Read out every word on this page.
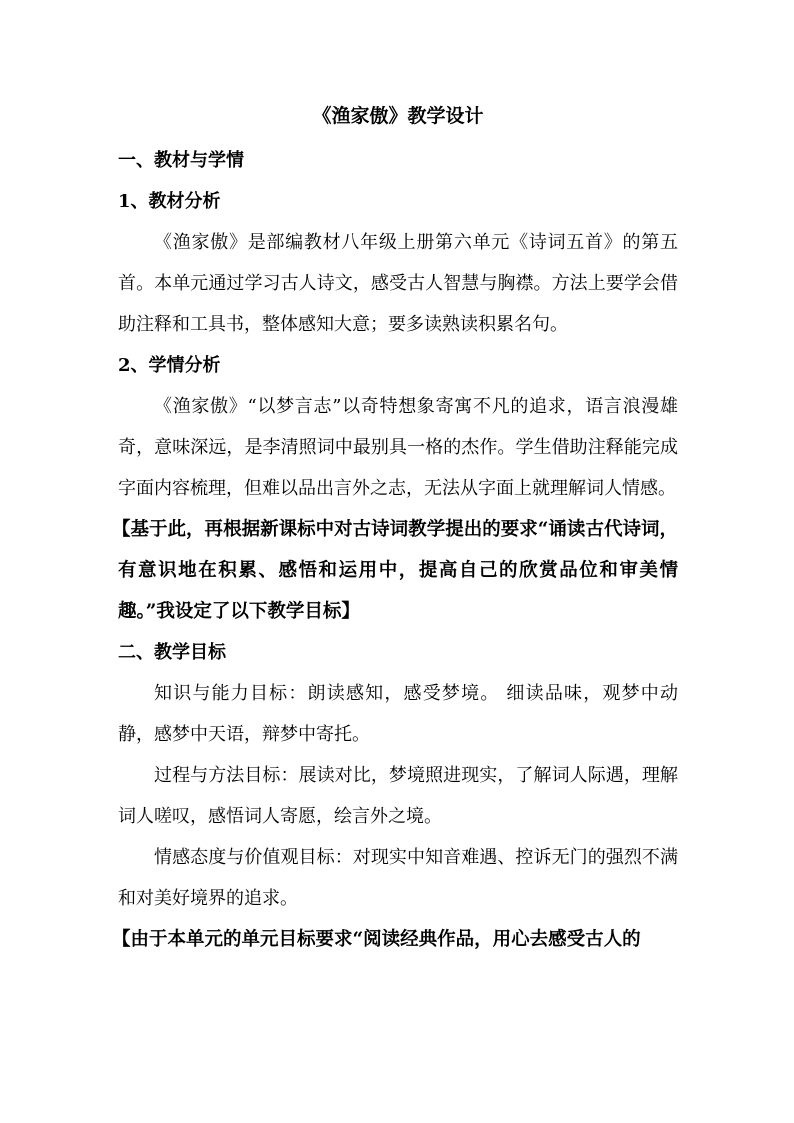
《渔家傲》教学设计

一、教材与学情

1、教材分析

《渔家傲》是部编教材八年级上册第六单元《诗词五首》的第五首。本单元通过学习古人诗文，感受古人智慧与胸襟。方法上要学会借助注释和工具书，整体感知大意；要多读熟读积累名句。

2、学情分析

《渔家傲》“以梦言志”以奇特想象寄寓不凡的追求，语言浪漫雄奇，意味深远，是李清照词中最别具一格的杰作。学生借助注释能完成字面内容梳理，但难以品出言外之志，无法从字面上就理解词人情感。

【基于此，再根据新课标中对古诗词教学提出的要求“诵读古代诗词，有意识地在积累、感悟和运用中，提高自己的欣赏品位和审美情趣。”我设定了以下教学目标】

二、教学目标

知识与能力目标：朗读感知，感受梦境。 细读品味，观梦中动静，感梦中天语，辩梦中寄托。

过程与方法目标：展读对比，梦境照进现实，了解词人际遇，理解词人嗟叹，感悟词人寄愿，绘言外之境。

情感态度与价值观目标：对现实中知音难遇、控诉无门的强烈不满和对美好境界的追求。

【由于本单元的单元目标要求“阅读经典作品，用心去感受古人的
